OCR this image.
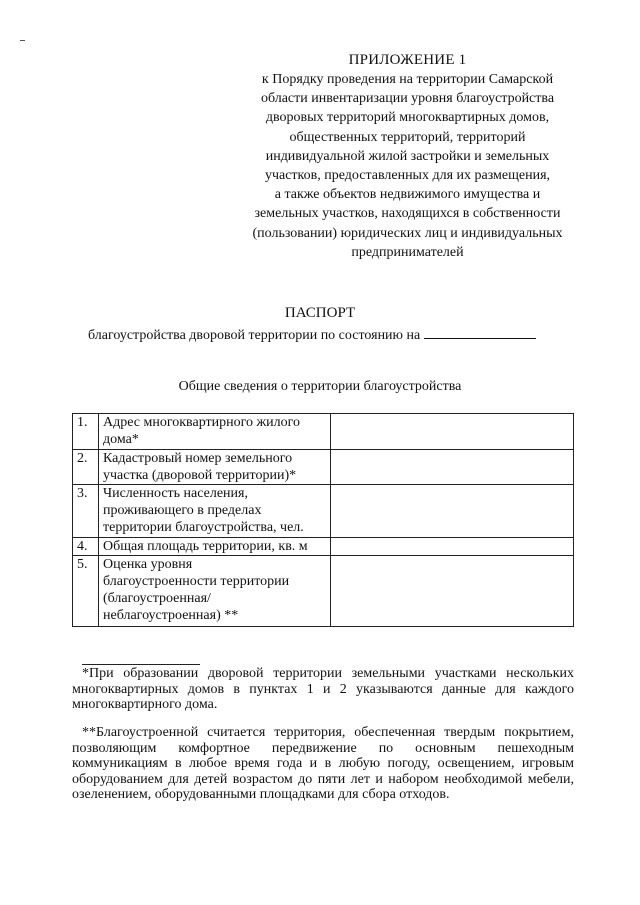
ПРИЛОЖЕНИЕ 1
к Порядку проведения на территории Самарской
области инвентаризации уровня благоустройства
дворовых территорий многоквартирных домов,
общественных территорий, территорий
индивидуальной жилой застройки и земельных
участков, предоставленных для их размещения,
а также объектов недвижимого имущества и
земельных участков, находящихся в собственности
(пользовании) юридических лиц и индивидуальных
предпринимателей
ПАСПОРТ
благоустройства дворовой территории по состоянию на
Общие сведения о территории благоустройства
1.	Адрес многоквартирного жилого
дома*	

2.	Кадастровый номер земельного
участка (дворовой территории)*	

3.	Численность населения,
проживающего в пределах
территории благоустройства, чел.	

4.	Общая площадь территории, кв. м	

5.	Оценка уровня
благоустроенности территории
(благоустроенная/
неблагоустроенная) **	

*При образовании дворовой территории земельными участками нескольких многоквартирных домов в пунктах 1 и 2 указываются данные для каждого многоквартирного дома.
**Благоустроенной считается территория, обеспеченная твердым покрытием, позволяющим комфортное передвижение по основным пешеходным коммуникациям в любое время года и в любую погоду, освещением, игровым оборудованием для детей возрастом до пяти лет и набором необходимой мебели, озеленением, оборудованными площадками для сбора отходов.
